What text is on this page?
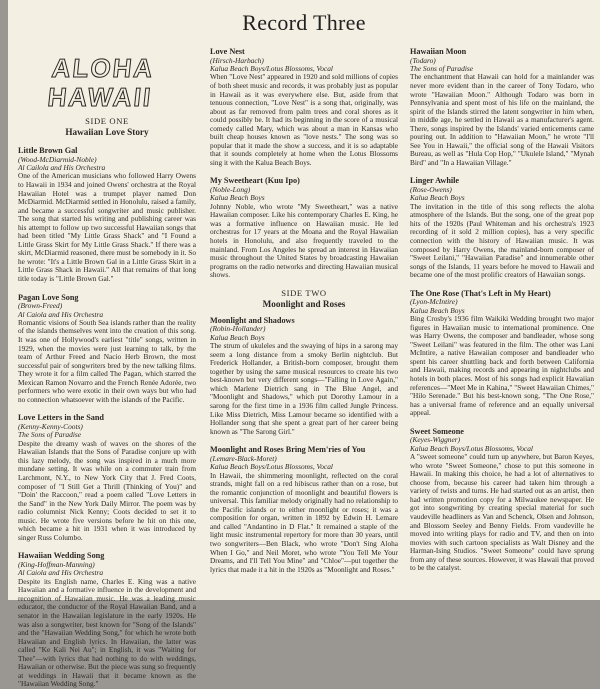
Record Three
ALOHA
HAWAII
SIDE ONE
Hawaiian Love Story
Little Brown Gal
(Wood-McDiarmid-Noble)
Al Cailola and His Orchestra

One of the American musicians who followed Harry Owens to Hawaii in 1934 and joined Owens' orchestra at the Royal Hawaiian Hotel was a trumpet player named Don McDiarmid. McDiarmid settled in Honolulu, raised a family, and became a successful songwriter and music publisher. The song that started his writing and publishing career was his attempt to follow up two successful Hawaiian songs that had been titled "My Little Grass Shack" and "I Found a Little Grass Skirt for My Little Grass Shack." If there was a skirt, McDiarmid reasoned, there must be somebody in it. So he wrote: "It's a Little Brown Gal in a Little Grass Skirt in a Little Grass Shack in Hawaii." All that remains of that long title today is "Little Brown Gal."

Pagan Love Song
(Brown-Freed)
Al Caiola and His Orchestra

Romantic visions of South Sea islands rather than the reality of the islands themselves went into the creation of this song. It was one of Hollywood's earliest "title" songs, written in 1929, when the movies were just learning to talk, by the team of Arthur Freed and Nacio Herb Brown, the most successful pair of songwriters bred by the new talking films. They wrote it for a film called The Pagan, which starred the Mexican Ramon Novarro and the French Renée Adorée, two performers who were exotic in their own ways but who had no connection whatsoever with the islands of the Pacific.

Love Letters in the Sand
(Kenny-Kenny-Coots)
The Sons of Paradise

Despite the dreamy wash of waves on the shores of the Hawaiian Islands that the Sons of Paradise conjure up with this lazy melody, the song was inspired in a much more mundane setting. It was while on a commuter train from Larchmont, N.Y., to New York City that J. Fred Coots, composer of "I Still Get a Thrill (Thinking of You)" and "Doin' the Raccoon," read a poem called "Love Letters in the Sand" in the New York Daily Mirror. The poem was by radio columnist Nick Kenny; Coots decided to set it to music. He wrote five versions before he hit on this one, which became a hit in 1931 when it was introduced by singer Russ Columbo.

Hawaiian Wedding Song
(King-Hoffman-Manning)
Al Caiola and His Orchestra

Despite its English name, Charles E. King was a native Hawaiian and a formative influence in the development and recognition of Hawaiian music. He was a leading music educator, the conductor of the Royal Hawaiian Band, and a senator in the Hawaiian legislature in the early 1920s. He was also a songwriter, best known for "Song of the Islands" and the "Hawaiian Wedding Song," for which he wrote both Hawaiian and English lyrics. In Hawaiian, the latter was called "Ke Kali Nei Au"; in English, it was "Waiting for Thee"—with lyrics that had nothing to do with weddings, Hawaiian or otherwise. But the piece was sung so frequently at weddings in Hawaii that it became known as the "Hawaiian Wedding Song."

Love Nest
(Hirsch-Harbach)
Kalua Beach Boys/Lotus Blossoms, Vocal

When "Love Nest" appeared in 1920 and sold millions of copies of both sheet music and records, it was probably just as popular in Hawaii as it was everywhere else. But, aside from that tenuous connection, "Love Nest" is a song that, originally, was about as far removed from palm trees and coral shores as it could possibly be. It had its beginning in the score of a musical comedy called Mary, which was about a man in Kansas who built cheap houses known as "love nests." The song was so popular that it made the show a success, and it is so adaptable that it sounds completely at home when the Lotus Blossoms sing it with the Kalua Beach Boys.

My Sweetheart (Kuu Ipo)
(Noble-Long)
Kalua Beach Boys

Johnny Noble, who wrote "My Sweetheart," was a native Hawaiian composer. Like his contemporary Charles E. King, he was a formative influence on Hawaiian music. He led orchestras for 17 years at the Moana and the Royal Hawaiian hotels in Honolulu, and also frequently traveled to the mainland. From Los Angeles he spread an interest in Hawaiian music throughout the United States by broadcasting Hawaiian programs on the radio networks and directing Hawaiian musical shows.

SIDE TWO
Moonlight and Roses
Moonlight and Shadows
(Robin-Hollander)
Kalua Beach Boys

The strum of ukuleles and the swaying of hips in a sarong may seem a long distance from a smoky Berlin nightclub. But Frederick Hollander, a British-born composer, brought them together by using the same musical resources to create his two best-known but very different songs—"Falling in Love Again," which Marlene Dietrich sang in The Blue Angel, and "Moonlight and Shadows," which put Dorothy Lamour in a sarong for the first time in a 1936 film called Jungle Princess. Like Miss Dietrich, Miss Lamour became so identified with a Hollander song that she spent a great part of her career being known as "The Sarong Girl."

Moonlight and Roses Bring Mem'ries of You
(Lemare-Black-Moret)
Kalua Beach Boys/Lotus Blossoms, Vocal

In Hawaii, the shimmering moonlight, reflected on the coral strands, might fall on a red hibiscus rather than on a rose, but the romantic conjunction of moonlight and beautiful flowers is universal. This familiar melody originally had no relationship to the Pacific islands or to either moonlight or roses; it was a composition for organ, written in 1892 by Edwin H. Lemare and called "Andantino in D Flat." It remained a staple of the light music instrumental repertory for more than 30 years, until two songwriters—Ben Black, who wrote "Don't Sing Aloha When I Go," and Neil Moret, who wrote "You Tell Me Your Dreams, and I'll Tell You Mine" and "Chloe"—put together the lyrics that made it a hit in the 1920s as "Moonlight and Roses."

Hawaiian Moon
(Todaro)
The Sons of Paradise

The enchantment that Hawaii can hold for a mainlander was never more evident than in the career of Tony Todaro, who wrote "Hawaiian Moon." Although Todaro was born in Pennsylvania and spent most of his life on the mainland, the spirit of the Islands stirred the latent songwriter in him when, in middle age, he settled in Hawaii as a manufacturer's agent. There, songs inspired by the Islands' varied enticements came pouring out. In addition to "Hawaiian Moon," he wrote "I'll See You in Hawaii," the official song of the Hawaii Visitors Bureau, as well as "Hula Cop Hop," "Ukulele Island," "Mynah Bird" and "In a Hawaiian Village."

Linger Awhile
(Rose-Owens)
Kalua Beach Boys

The invitation in the title of this song reflects the aloha atmosphere of the Islands. But the song, one of the great pop hits of the 1920s (Paul Whiteman and his orchestra's 1923 recording of it sold 2 million copies), has a very specific connection with the history of Hawaiian music. It was composed by Harry Owens, the mainland-born composer of "Sweet Leilani," "Hawaiian Paradise" and innumerable other songs of the Islands, 11 years before he moved to Hawaii and became one of the most prolific creators of Hawaiian songs.

The One Rose (That's Left in My Heart)
(Lyon-McIntire)
Kalua Beach Boys

Bing Crosby's 1936 film Waikiki Wedding brought two major figures in Hawaiian music to international prominence. One was Harry Owens, the composer and bandleader, whose song "Sweet Leilani" was featured in the film. The other was Lani McIntire, a native Hawaiian composer and bandleader who spent his career shuttling back and forth between California and Hawaii, making records and appearing in nightclubs and hotels in both places. Most of his songs had explicit Hawaiian references—"Meet Me in Kahina," "Sweet Hawaiian Chimes," "Hilo Serenade." But his best-known song, "The One Rose," has a universal frame of reference and an equally universal appeal.

Sweet Someone
(Keyes-Wiggner)
Kalua Beach Boys/Lotus Blossoms, Vocal

A "sweet someone" could turn up anywhere, but Baron Keyes, who wrote "Sweet Someone," chose to put this someone in Hawaii. In making this choice, he had a lot of alternatives to choose from, because his career had taken him through a variety of twists and turns. He had started out as an artist, then had written promotion copy for a Milwaukee newspaper. He got into songwriting by creating special material for such vaudeville headliners as Van and Schenck, Olsen and Johnson, and Blossom Seeley and Benny Fields. From vaudeville he moved into writing plays for radio and TV, and then on into movies with such cartoon specialists as Walt Disney and the Harman-Ising Studios. "Sweet Someone" could have sprung from any of these sources. However, it was Hawaii that proved to be the catalyst.
